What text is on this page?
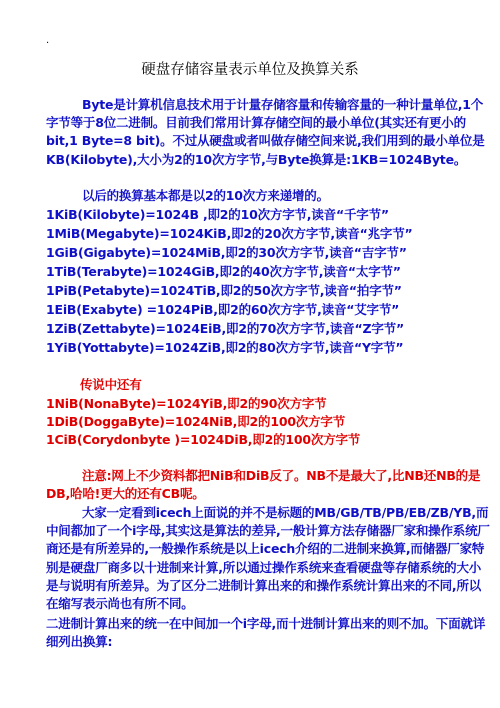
·
硬盘存储容量表示单位及换算关系

Byte是计算机信息技术用于计量存储容量和传输容量的一种计量单位,1个字节等于8位二进制。目前我们常用计算存储空间的最小单位(其实还有更小的bit,1 Byte=8 bit)。不过从硬盘或者叫做存储空间来说,我们用到的最小单位是KB(Kilobyte),大小为2的10次方字节,与Byte换算是:1KB=1024Byte。

以后的换算基本都是以2的10次方来递增的。

1KiB(Kilobyte)=1024B ,即2的10次方字节,读音“千字节”

1MiB(Megabyte)=1024KiB,即2的20次方字节,读音“兆字节”

1GiB(Gigabyte)=1024MiB,即2的30次方字节,读音“吉字节”

1TiB(Terabyte)=1024GiB,即2的40次方字节,读音“太字节”

1PiB(Petabyte)=1024TiB,即2的50次方字节,读音“拍字节”

1EiB(Exabyte) =1024PiB,即2的60次方字节,读音“艾字节”

1ZiB(Zettabyte)=1024EiB,即2的70次方字节,读音“Z字节”

1YiB(Yottabyte)=1024ZiB,即2的80次方字节,读音“Y字节”

传说中还有

1NiB(NonaByte)=1024YiB,即2的90次方字节

1DiB(DoggaByte)=1024NiB,即2的100次方字节

1CiB(Corydonbyte )=1024DiB,即2的100次方字节

注意:网上不少资料都把NiB和DiB反了。NB不是最大了,比NB还NB的是DB,哈哈!更大的还有CB呢。

大家一定看到icech上面说的并不是标题的MB/GB/TB/PB/EB/ZB/YB,而中间都加了一个i字母,其实这是算法的差异,一般计算方法存储器厂家和操作系统厂商还是有所差异的,一般操作系统是以上icech介绍的二进制来换算,而储器厂家特别是硬盘厂商多以十进制来计算,所以通过操作系统来查看硬盘等存储系统的大小是与说明有所差异。为了区分二进制计算出来的和操作系统计算出来的不同,所以在缩写表示尚也有所不同。

二进制计算出来的统一在中间加一个i字母,而十进制计算出来的则不加。下面就详细列出换算:
